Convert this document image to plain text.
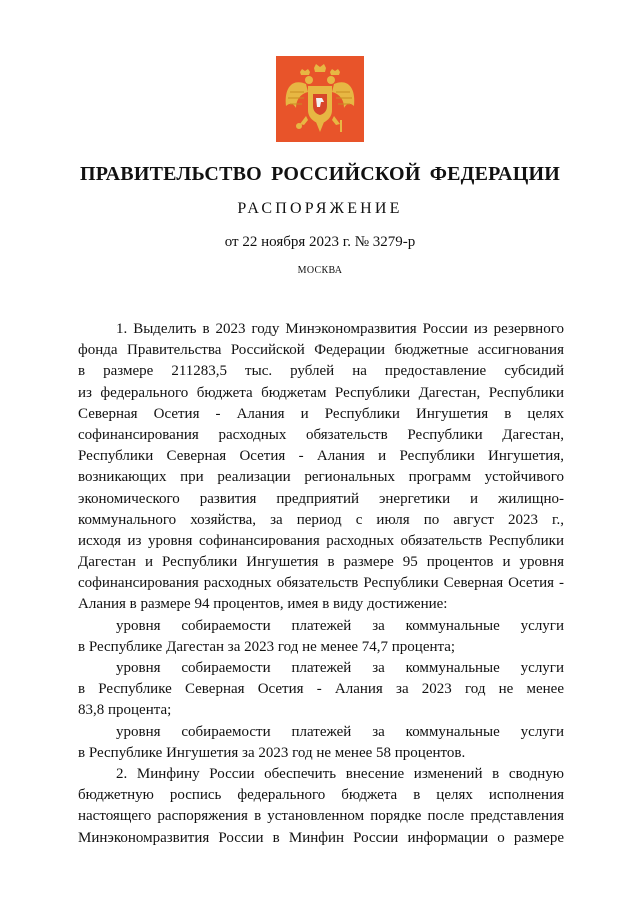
ПРАВИТЕЛЬСТВО РОССИЙСКОЙ ФЕДЕРАЦИИ
РАСПОРЯЖЕНИЕ
от 22 ноября 2023 г. № 3279-р
МОСКВА
1. Выделить в 2023 году Минэкономразвития России из резервного
фонда Правительства Российской Федерации бюджетные ассигнования
в размере 211283,5 тыс. рублей на предоставление субсидий
из федерального бюджета бюджетам Республики Дагестан, Республики
Северная Осетия - Алания и Республики Ингушетия в целях
софинансирования расходных обязательств Республики Дагестан,
Республики Северная Осетия - Алания и Республики Ингушетия,
возникающих при реализации региональных программ устойчивого
экономического развития предприятий энергетики и жилищно-
коммунального хозяйства, за период с июля по август 2023 г.,
исходя из уровня софинансирования расходных обязательств Республики
Дагестан и Республики Ингушетия в размере 95 процентов и уровня
софинансирования расходных обязательств Республики Северная Осетия -
Алания в размере 94 процентов, имея в виду достижение:
уровня собираемости платежей за коммунальные услуги
в Республике Дагестан за 2023 год не менее 74,7 процента;
уровня собираемости платежей за коммунальные услуги
в Республике Северная Осетия - Алания за 2023 год не менее
83,8 процента;
уровня собираемости платежей за коммунальные услуги
в Республике Ингушетия за 2023 год не менее 58 процентов.
2. Минфину России обеспечить внесение изменений в сводную
бюджетную роспись федерального бюджета в целях исполнения
настоящего распоряжения в установленном порядке после представления
Минэкономразвития России в Минфин России информации о размере
